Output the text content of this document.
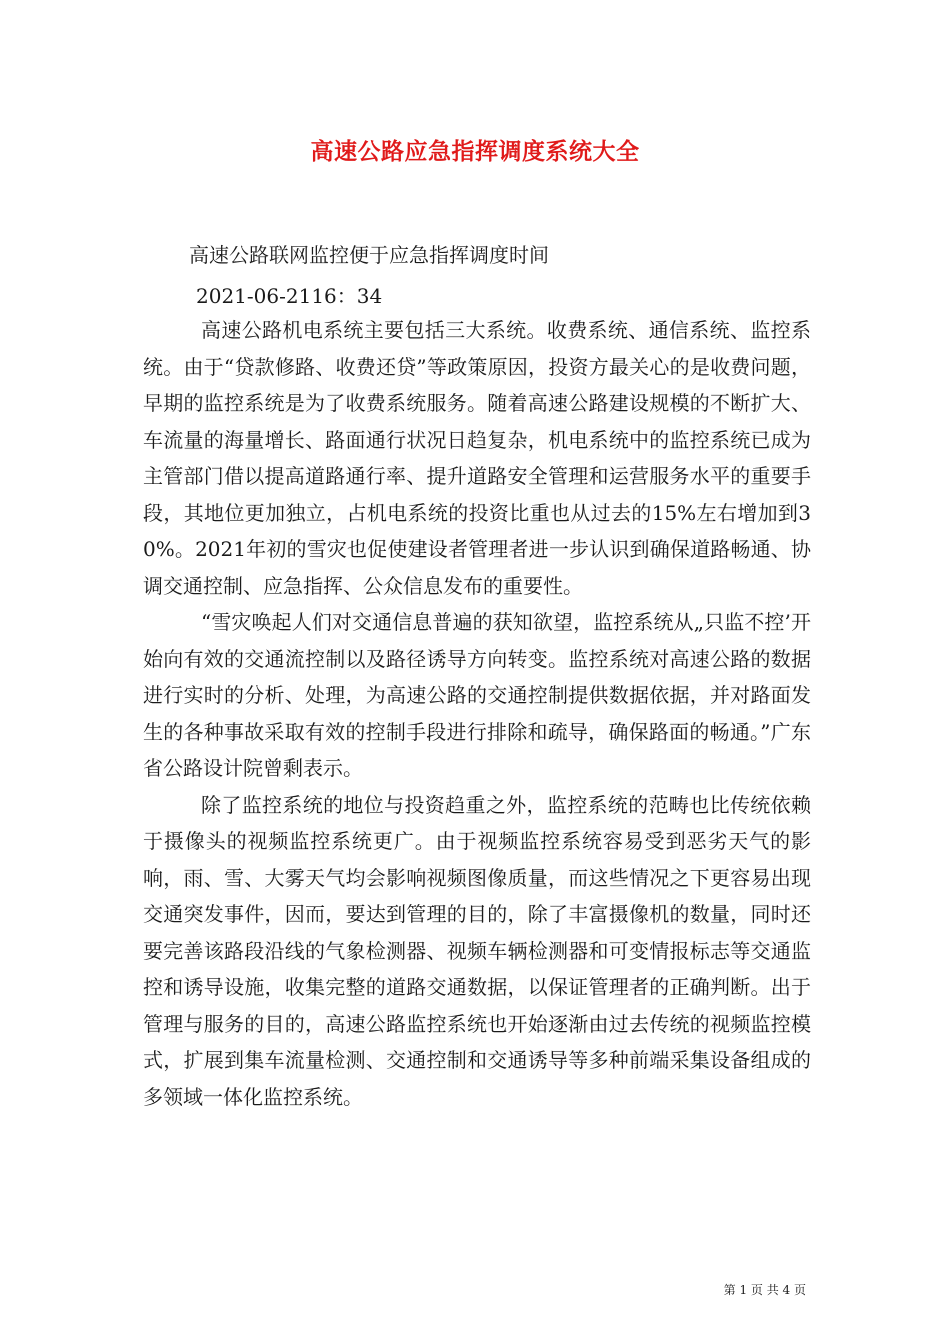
高速公路应急指挥调度系统大全
高速公路联网监控便于应急指挥调度时间
2021-06-2116：34

高速公路机电系统主要包括三大系统。收费系统、通信系统、监控系统。由于“贷款修路、收费还贷”等政策原因，投资方最关心的是收费问题，早期的监控系统是为了收费系统服务。随着高速公路建设规模的不断扩大、车流量的海量增长、路面通行状况日趋复杂，机电系统中的监控系统已成为主管部门借以提高道路通行率、提升道路安全管理和运营服务水平的重要手段，其地位更加独立，占机电系统的投资比重也从过去的15%左右增加到30%。2021年初的雪灾也促使建设者管理者进一步认识到确保道路畅通、协调交通控制、应急指挥、公众信息发布的重要性。

“雪灾唤起人们对交通信息普遍的获知欲望，监控系统从„只监不控’开始向有效的交通流控制以及路径诱导方向转变。监控系统对高速公路的数据进行实时的分析、处理，为高速公路的交通控制提供数据依据，并对路面发生的各种事故采取有效的控制手段进行排除和疏导，确保路面的畅通。”广东省公路设计院曾剩表示。

除了监控系统的地位与投资趋重之外，监控系统的范畴也比传统依赖于摄像头的视频监控系统更广。由于视频监控系统容易受到恶劣天气的影响，雨、雪、大雾天气均会影响视频图像质量，而这些情况之下更容易出现交通突发事件，因而，要达到管理的目的，除了丰富摄像机的数量，同时还要完善该路段沿线的气象检测器、视频车辆检测器和可变情报标志等交通监控和诱导设施，收集完整的道路交通数据，以保证管理者的正确判断。出于管理与服务的目的，高速公路监控系统也开始逐渐由过去传统的视频监控模式，扩展到集车流量检测、交通控制和交通诱导等多种前端采集设备组成的多领域一体化监控系统。

第 1 页 共 4 页
